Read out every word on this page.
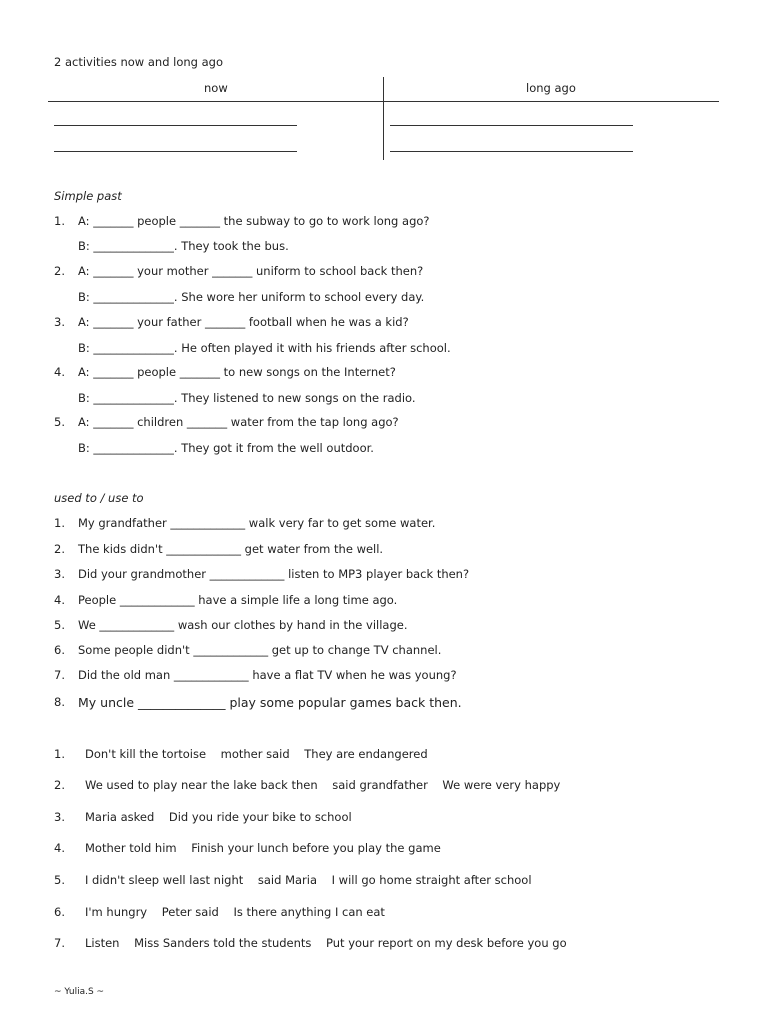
2 activities now and long ago
now	long ago
Simple past
1. A: _______ people _______ the subway to go to work long ago?
B: ______________. They took the bus.
2. A: _______ your mother _______ uniform to school back then?
B: ______________. She wore her uniform to school every day.
3. A: _______ your father _______ football when he was a kid?
B: ______________. He often played it with his friends after school.
4. A: _______ people _______ to new songs on the Internet?
B: ______________. They listened to new songs on the radio.
5. A: _______ children _______ water from the tap long ago?
B: ______________. They got it from the well outdoor.
used to / use to
1. My grandfather _____________ walk very far to get some water.
2. The kids didn't _____________ get water from the well.
3. Did your grandmother _____________ listen to MP3 player back then?
4. People _____________ have a simple life a long time ago.
5. We _____________ wash our clothes by hand in the village.
6. Some people didn't _____________ get up to change TV channel.
7. Did the old man _____________ have a flat TV when he was young?
8. My uncle ______________ play some popular games back then.
1. Don't kill the tortoise    mother said    They are endangered
2. We used to play near the lake back then    said grandfather    We were very happy
3. Maria asked    Did you ride your bike to school
4. Mother told him    Finish your lunch before you play the game
5. I didn't sleep well last night    said Maria    I will go home straight after school
6. I'm hungry    Peter said    Is there anything I can eat
7. Listen    Miss Sanders told the students    Put your report on my desk before you go
~ Yulia.S ~
